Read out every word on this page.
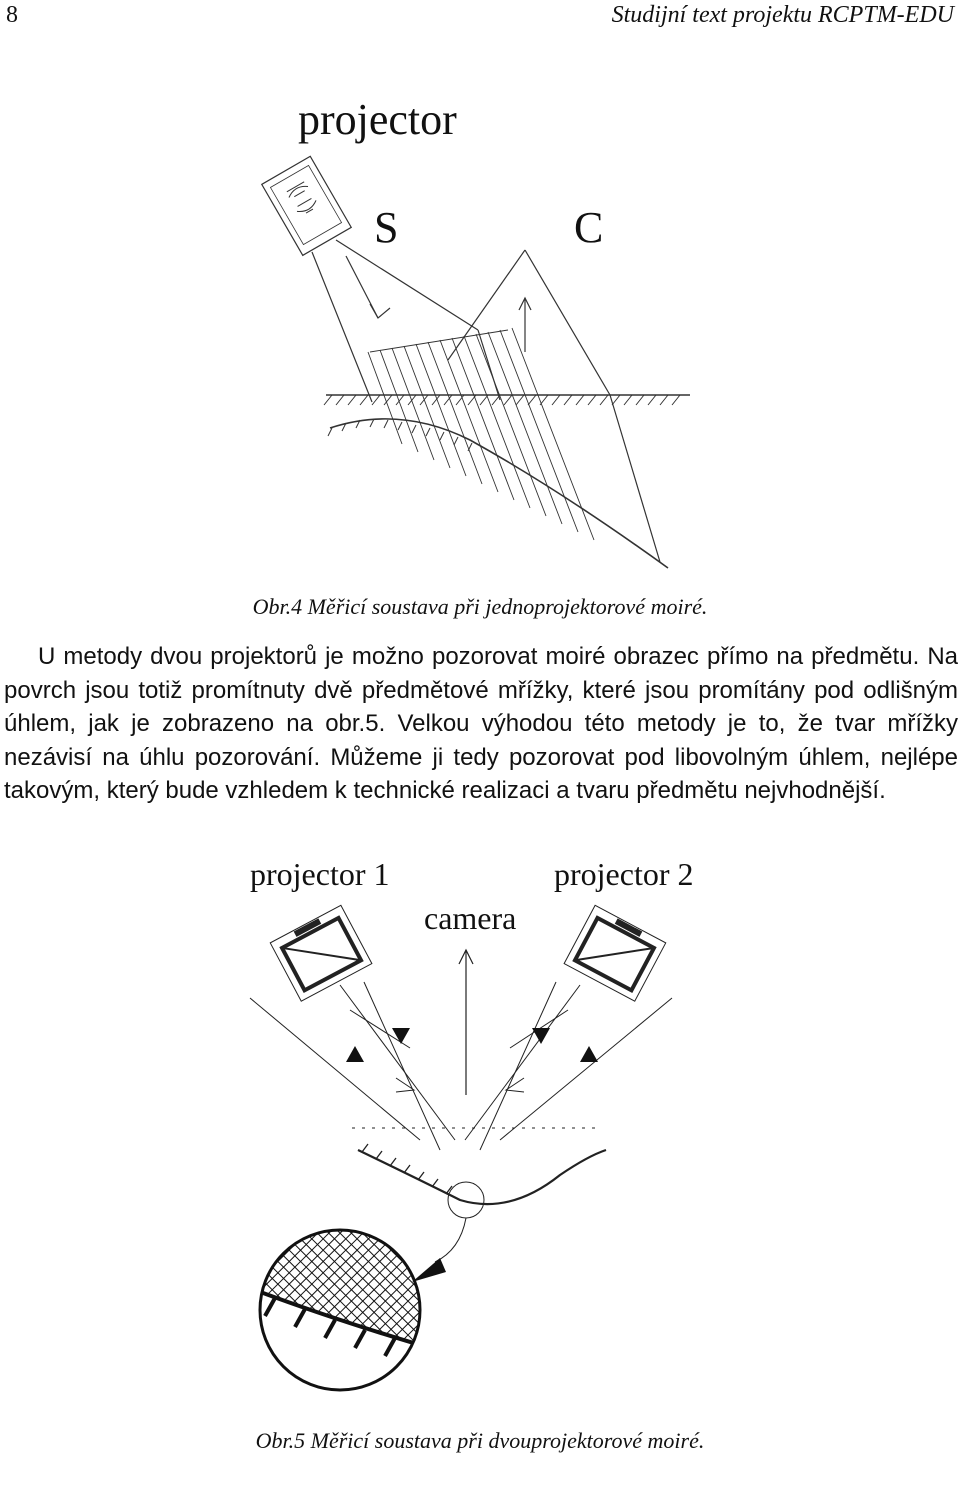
8	Studijní text projektu RCPTM-EDU
projector
S	C
Obr.4 Měřicí soustava při jednoprojektorové moiré.

U metody dvou projektorů je možno pozorovat moiré obrazec přímo na předmětu. Na povrch jsou totiž promítnuty dvě předmětové mřížky, které jsou promítány pod odlišným úhlem, jak je zobrazeno na obr.5. Velkou výhodou této metody je to, že tvar mřížky nezávisí na úhlu pozorování. Můžeme ji tedy pozorovat pod libovolným úhlem, nejlépe takovým, který bude vzhledem k technické realizaci a tvaru předmětu nejvhodnější.

projector 1	projector 2
camera
Obr.5 Měřicí soustava při dvouprojektorové moiré.
